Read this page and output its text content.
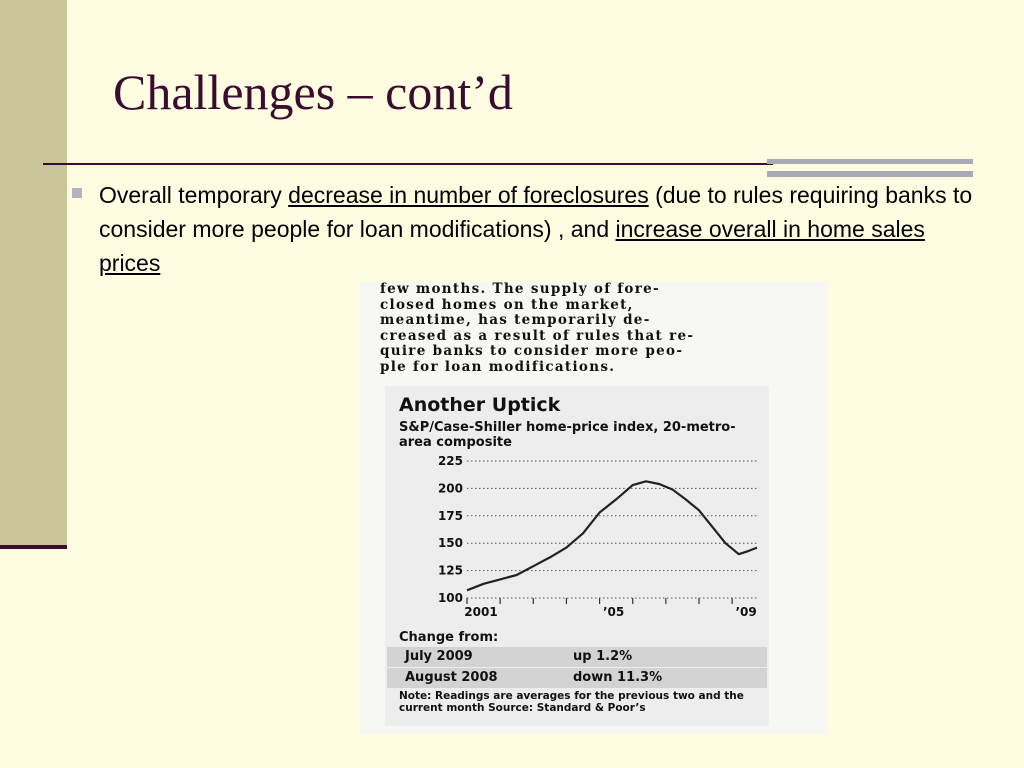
Challenges – cont’d
Overall temporary decrease in number of foreclosures (due to rules requiring banks to consider more people for loan modifications) , and increase overall in home sales prices
few months. The supply of fore-
closed homes on the market,
meantime, has temporarily de-
creased as a result of rules that re-
quire banks to consider more peo-
ple for loan modifications.
225
200
175
150
125
100
2001	’05	’09
Another Uptick
S&P/Case-Shiller home-price index, 20-metro-area composite
Change from:
July 2009	up 1.2%
August 2008	down 11.3%
Note: Readings are averages for the previous two and the current month Source: Standard & Poor’s
